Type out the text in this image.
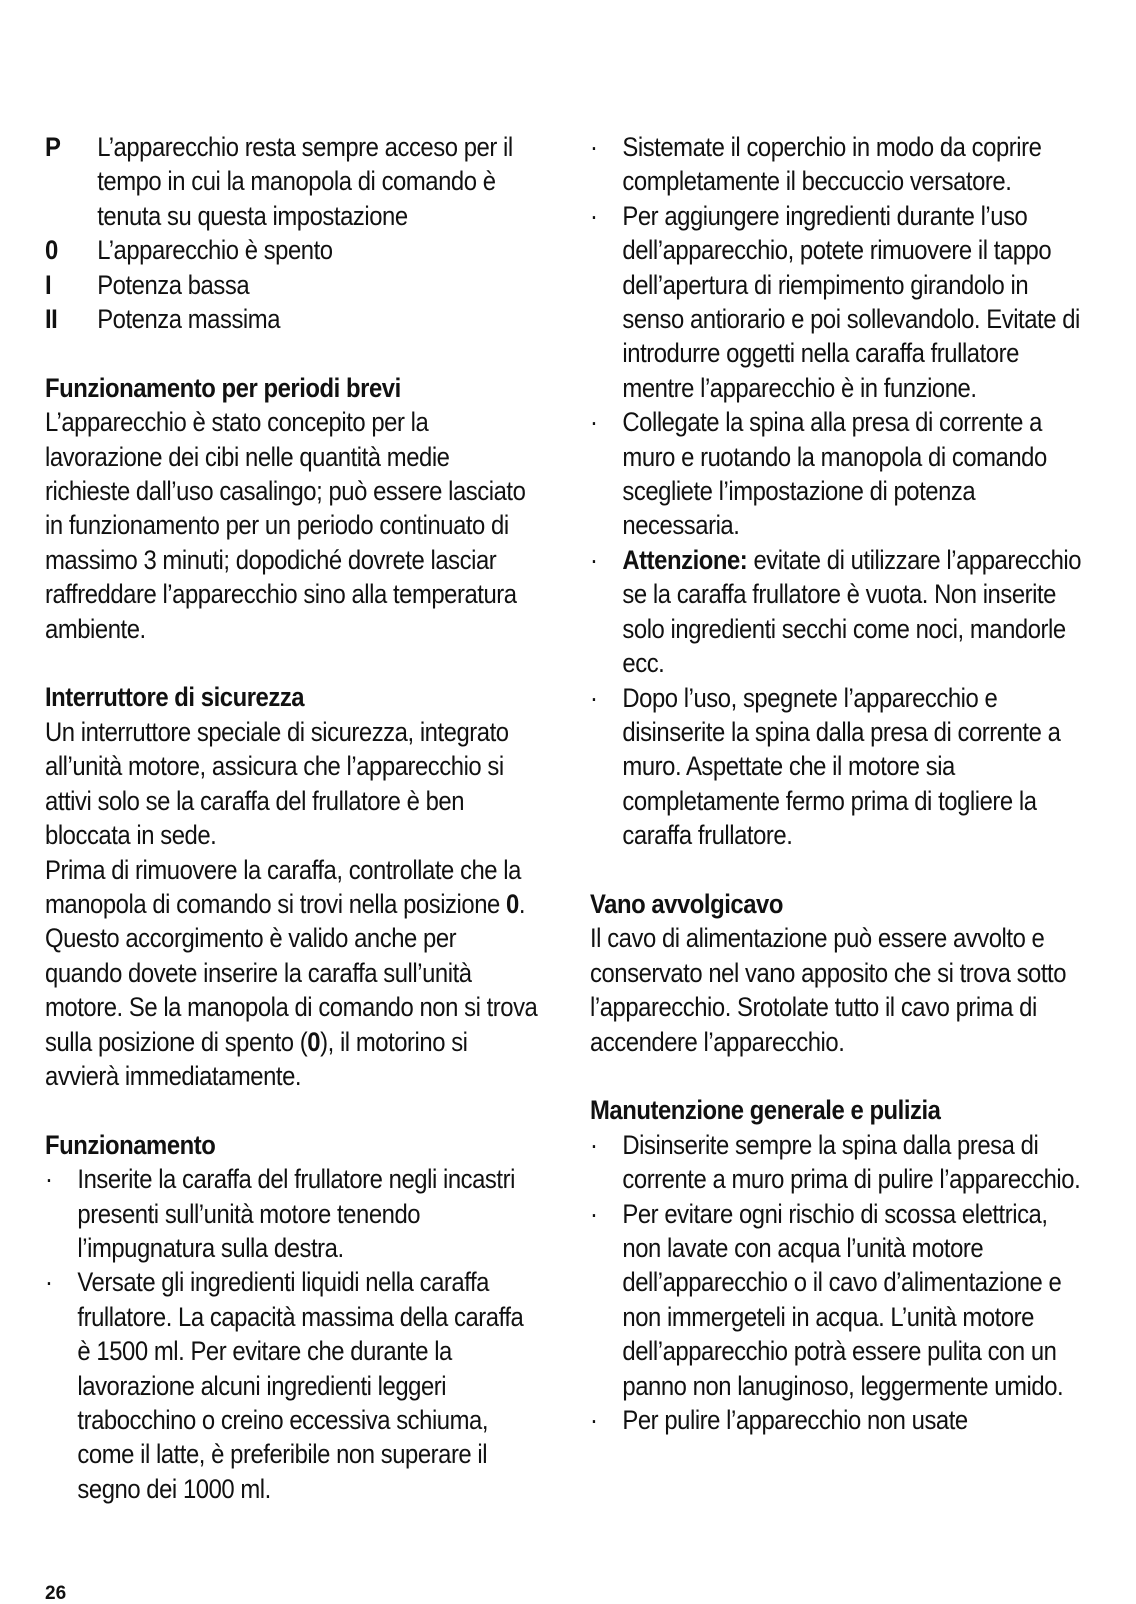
P	L’apparecchio resta sempre acceso per il tempo in cui la manopola di comando è tenuta su questa impostazione
0	L’apparecchio è spento
I	Potenza bassa
II	Potenza massima
Funzionamento per periodi brevi

L’apparecchio è stato concepito per la lavorazione dei cibi nelle quantità medie richieste dall’uso casalingo; può essere lasciato in funzionamento per un periodo continuato di massimo 3 minuti; dopodiché dovrete lasciar raffreddare l’apparecchio sino alla temperatura ambiente.

Interruttore di sicurezza

Un interruttore speciale di sicurezza, integrato all’unità motore, assicura che l’apparecchio si attivi solo se la caraffa del frullatore è ben bloccata in sede.

Prima di rimuovere la caraffa, controllate che la manopola di comando si trovi nella posizione 0. Questo accorgimento è valido anche per quando dovete inserire la caraffa sull’unità motore. Se la manopola di comando non si trova sulla posizione di spento (0), il motorino si avvierà immediatamente.

Funzionamento
· Inserite la caraffa del frullatore negli incastri presenti sull’unità motore tenendo l’impugnatura sulla destra.
· Versate gli ingredienti liquidi nella caraffa frullatore. La capacità massima della caraffa è 1500 ml. Per evitare che durante la lavorazione alcuni ingredienti leggeri trabocchino o creino eccessiva schiuma, come il latte, è preferibile non superare il segno dei 1000 ml.
· Sistemate il coperchio in modo da coprire completamente il beccuccio versatore.
· Per aggiungere ingredienti durante l’uso dell’apparecchio, potete rimuovere il tappo dell’apertura di riempimento girandolo in senso antiorario e poi sollevandolo. Evitate di introdurre oggetti nella caraffa frullatore mentre l’apparecchio è in funzione.
· Collegate la spina alla presa di corrente a muro e ruotando la manopola di comando scegliete l’impostazione di potenza necessaria.
· Attenzione: evitate di utilizzare l’apparecchio se la caraffa frullatore è vuota. Non inserite solo ingredienti secchi come noci, mandorle ecc.
· Dopo l’uso, spegnete l’apparecchio e disinserite la spina dalla presa di corrente a muro. Aspettate che il motore sia completamente fermo prima di togliere la caraffa frullatore.
Vano avvolgicavo

Il cavo di alimentazione può essere avvolto e conservato nel vano apposito che si trova sotto l’apparecchio. Srotolate tutto il cavo prima di accendere l’apparecchio.

Manutenzione generale e pulizia
· Disinserite sempre la spina dalla presa di corrente a muro prima di pulire l’apparecchio.
· Per evitare ogni rischio di scossa elettrica, non lavate con acqua l’unità motore dell’apparecchio o il cavo d’alimentazione e non immergeteli in acqua. L’unità motore dell’apparecchio potrà essere pulita con un panno non lanuginoso, leggermente umido.
· Per pulire l’apparecchio non usate
26
